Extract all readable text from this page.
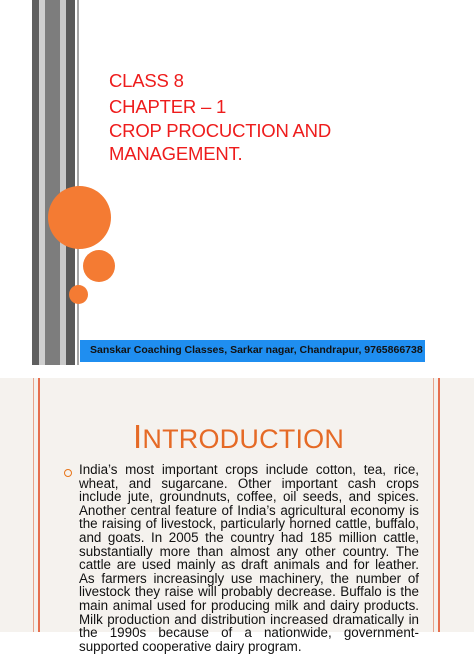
CLASS 8
CHAPTER – 1
CROP PROCUCTION AND
MANAGEMENT.
Sanskar Coaching Classes, Sarkar nagar, Chandrapur, 9765866738
INTRODUCTION
India’s most important crops include cotton, tea, rice, wheat, and sugarcane. Other important cash crops include jute, groundnuts, coffee, oil seeds, and spices. Another central feature of India’s agricultural economy is the raising of livestock, particularly horned cattle, buffalo, and goats. In 2005 the country had 185 million cattle, substantially more than almost any other country. The cattle are used mainly as draft animals and for leather. As farmers increasingly use machinery, the number of livestock they raise will probably decrease. Buffalo is the main animal used for producing milk and dairy products. Milk production and distribution increased dramatically in the 1990s because of a nationwide, government-supported cooperative dairy program.
